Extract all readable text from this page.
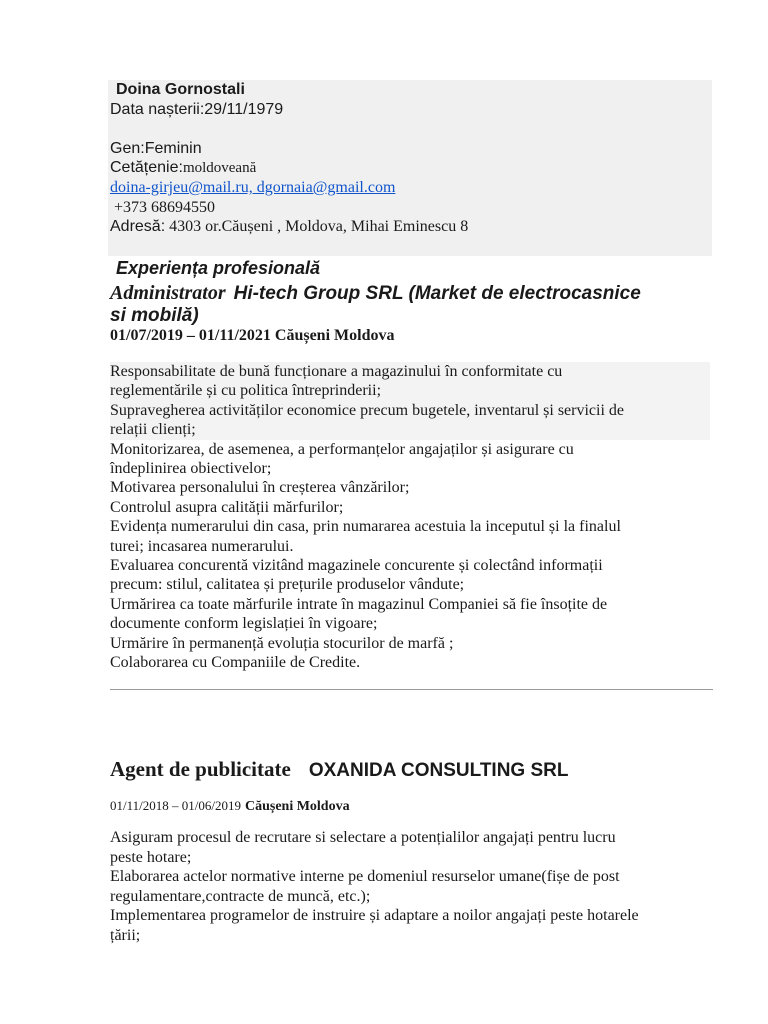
Doina Gornostali
Data nașterii:29/11/1979
Gen:Feminin
Cetățenie:moldoveană
doina-girjeu@mail.ru, dgornaia@gmail.com
+373 68694550
Adresă: 4303 or.Căușeni , Moldova, Mihai Eminescu 8
Experiența profesională
Administrator Hi-tech Group SRL (Market de electrocasnice
si mobilă)
01/07/2019 – 01/11/2021 Căușeni Moldova
Responsabilitate de bună funcționare a magazinului în conformitate cu
reglementările și cu politica întreprinderii;
Supravegherea activităților economice precum bugetele, inventarul și servicii de
relații clienți;
Monitorizarea, de asemenea, a performanțelor angajaților și asigurare cu
îndeplinirea obiectivelor;
Motivarea personalului în creșterea vânzărilor;
Controlul asupra calității mărfurilor;
Evidența numerarului din casa, prin numararea acestuia la inceputul și la finalul
turei; incasarea numerarului.
Evaluarea concurentă vizitând magazinele concurente și colectând informații
precum: stilul, calitatea și prețurile produselor vândute;
Urmărirea ca toate mărfurile intrate în magazinul Companiei să fie însoțite de
documente conform legislației în vigoare;
Urmărire în permanență evoluția stocurilor de marfă ;
Colaborarea cu Companiile de Credite.
Agent de publicitate OXANIDA CONSULTING SRL
01/11/2018 – 01/06/2019 Căușeni Moldova
Asiguram procesul de recrutare si selectare a potențialilor angajați pentru lucru
peste hotare;
Elaborarea actelor normative interne pe domeniul resurselor umane(fișe de post
regulamentare,contracte de muncă, etc.);
Implementarea programelor de instruire și adaptare a noilor angajați peste hotarele
țării;
